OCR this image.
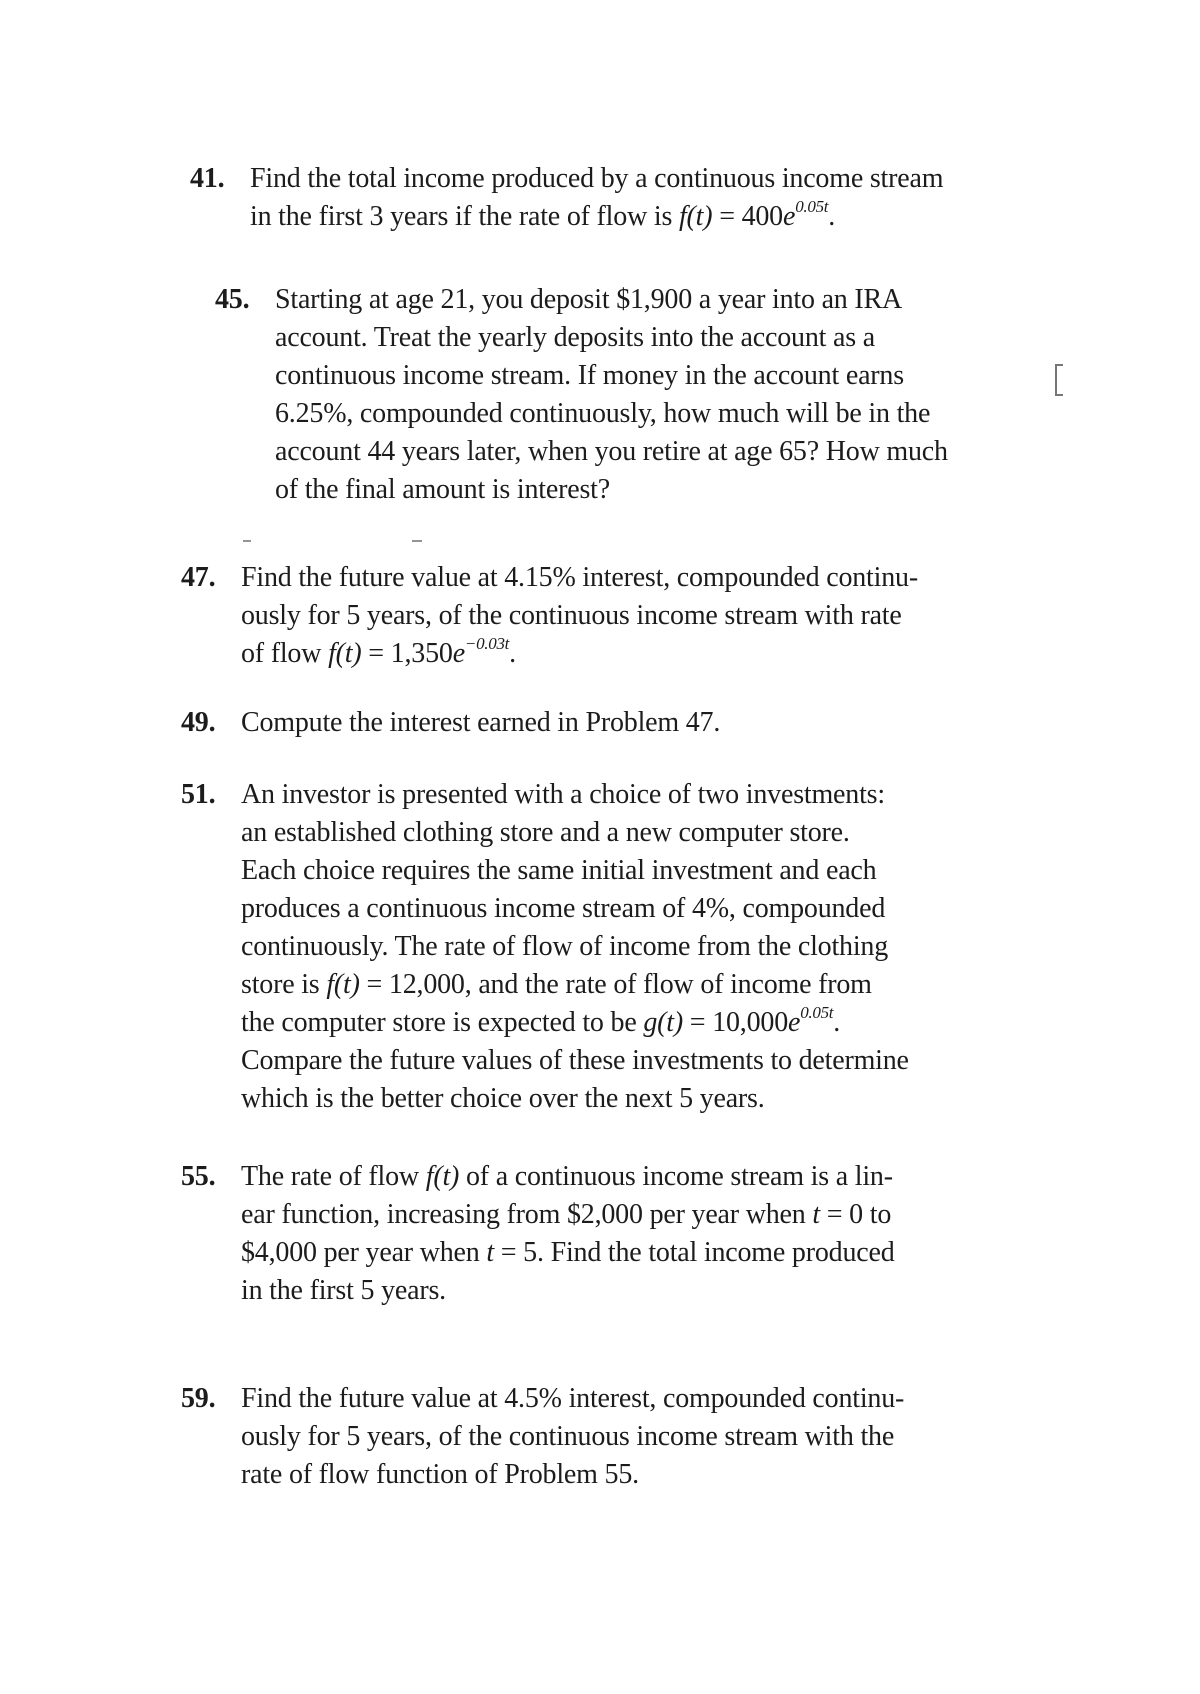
41. Find the total income produced by a continuous income stream
in the first 3 years if the rate of flow is $f(t) = 400e^{0.05t}$.
45. Starting at age 21, you deposit $1,900 a year into an IRA
account. Treat the yearly deposits into the account as a
continuous income stream. If money in the account earns
6.25%, compounded continuously, how much will be in the
account 44 years later, when you retire at age 65? How much
of the final amount is interest?
47. Find the future value at 4.15% interest, compounded continu-
ously for 5 years, of the continuous income stream with rate
of flow $f(t) = 1,350e^{-0.03t}$.
49. Compute the interest earned in Problem 47.
51. An investor is presented with a choice of two investments:
an established clothing store and a new computer store.
Each choice requires the same initial investment and each
produces a continuous income stream of 4%, compounded
continuously. The rate of flow of income from the clothing
store is f(t) = 12,000, and the rate of flow of income from
the computer store is expected to be $g(t) = 10,000e^{0.05t}$.
Compare the future values of these investments to determine
which is the better choice over the next 5 years.
55. The rate of flow f(t) of a continuous income stream is a lin-
ear function, increasing from $2,000 per year when t = 0 to
$4,000 per year when t = 5. Find the total income produced
in the first 5 years.
59. Find the future value at 4.5% interest, compounded continu-
ously for 5 years, of the continuous income stream with the
rate of flow function of Problem 55.
